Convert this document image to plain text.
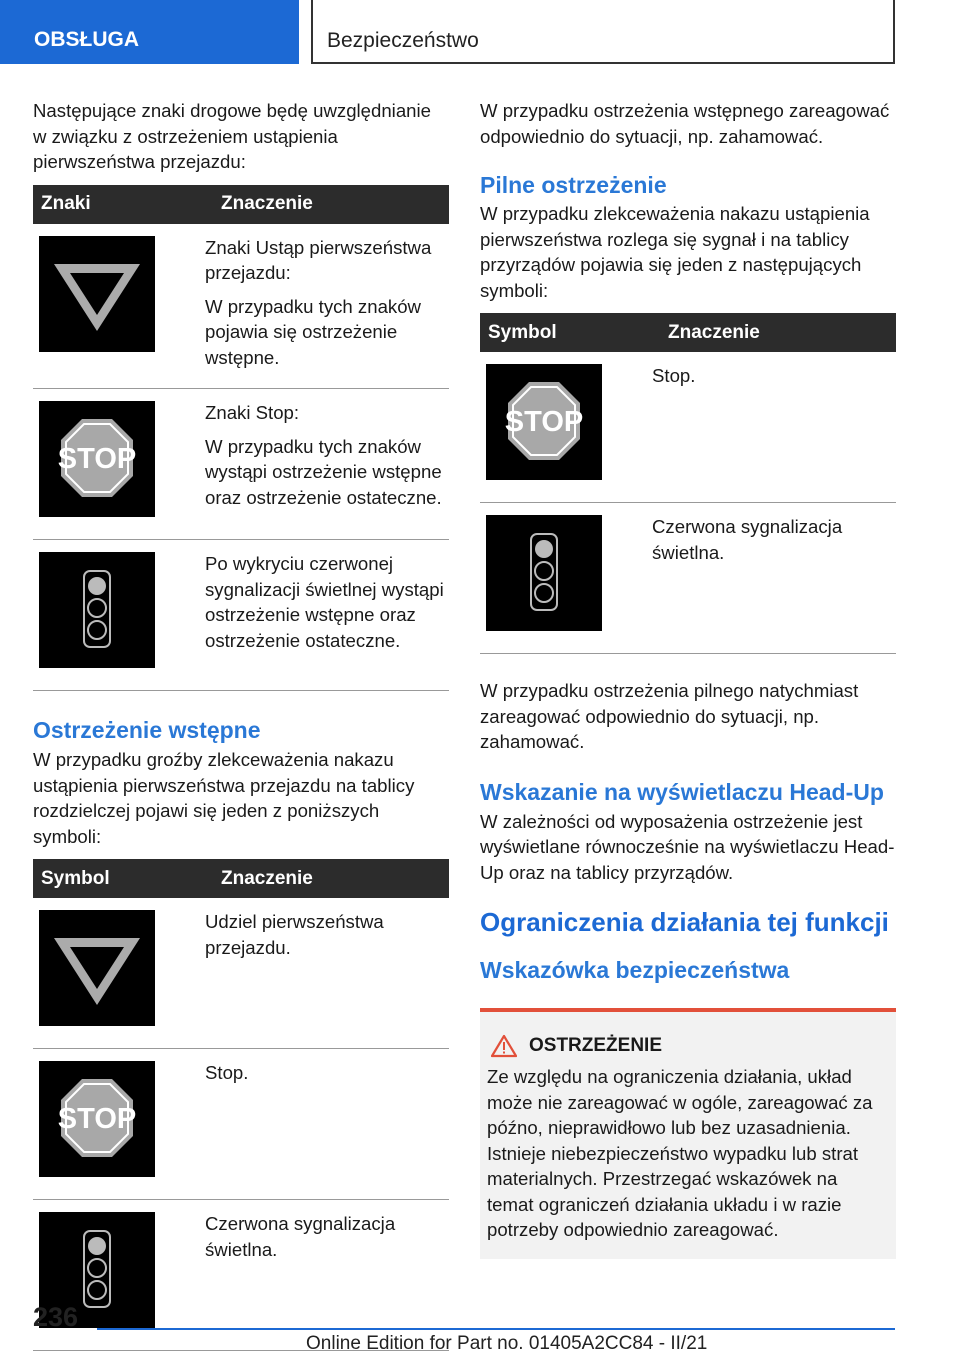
OBSŁUGA	Bezpieczeństwo

Następujące znaki drogowe będę uwzględnianie w związku z ostrzeżeniem ustąpienia pierwszeństwa przejazdu:

Znaki	Znaczenie

Znaki Ustąp pierwszeństwa przejazdu:

W przypadku tych znaków pojawia się ostrzeżenie wstępne.

STOP	Znaki Stop:

W przypadku tych znaków wystąpi ostrzeżenie wstępne oraz ostrzeżenie ostateczne.

Po wykryciu czerwonej sygnalizacji świetlnej wystąpi ostrzeżenie wstępne oraz ostrzeżenie ostateczne.

Ostrzeżenie wstępne

W przypadku groźby zlekceważenia nakazu ustąpienia pierwszeństwa przejazdu na tablicy rozdzielczej pojawi się jeden z poniższych symboli:

Symbol	Znaczenie

Udziel pierwszeństwa przejazdu.

STOP	Stop.

Czerwona sygnalizacja świetlna.

W przypadku ostrzeżenia wstępnego zareagować odpowiednio do sytuacji, np. zahamować.

Pilne ostrzeżenie

W przypadku zlekceważenia nakazu ustąpienia pierwszeństwa rozlega się sygnał i na tablicy przyrządów pojawia się jeden z następujących symboli:

Symbol	Znaczenie

STOP	Stop.

Czerwona sygnalizacja świetlna.

W przypadku ostrzeżenia pilnego natychmiast zareagować odpowiednio do sytuacji, np. zahamować.

Wskazanie na wyświetlaczu Head-Up

W zależności od wyposażenia ostrzeżenie jest wyświetlane równocześnie na wyświetlaczu Head-Up oraz na tablicy przyrządów.

Ograniczenia działania tej funkcji
Wskazówka bezpieczeństwa
OSTRZEŻENIE

Ze względu na ograniczenia działania, układ może nie zareagować w ogóle, zareagować za późno, nieprawidłowo lub bez uzasadnienia. Istnieje niebezpieczeństwo wypadku lub strat materialnych. Przestrzegać wskazówek na temat ograniczeń działania układu i w razie potrzeby odpowiednio zareagować.

236
Online Edition for Part no. 01405A2CC84 - II/21
